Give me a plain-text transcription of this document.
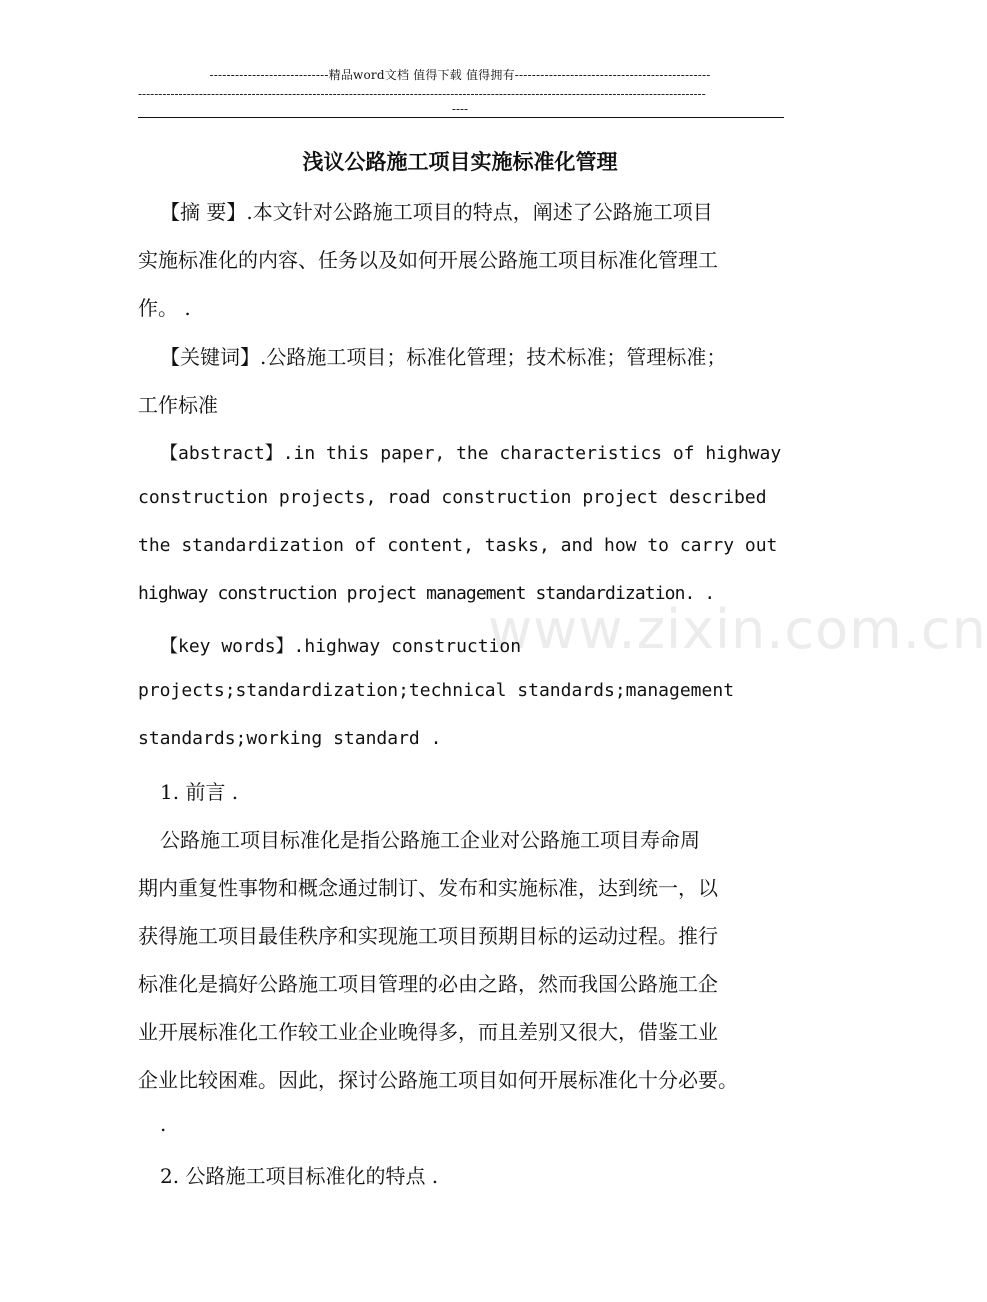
----------------------------精品word文档 值得下载 值得拥有----------------------------------------------
--------------------------------------------------------------------------------------------------------------------------------------------
----
www.zixin.com.cn
浅议公路施工项目实施标准化管理
【摘 要】.本文针对公路施工项目的特点，阐述了公路施工项目
实施标准化的内容、任务以及如何开展公路施工项目标准化管理工
作。 .
【关键词】.公路施工项目；标准化管理；技术标准；管理标准；
工作标准
【abstract】.in this paper, the characteristics of highway
construction projects, road construction project described
the standardization of content, tasks, and how to carry out
highway construction project management standardization. .
【key words】.highway construction
projects;standardization;technical standards;management
standards;working standard .
1. 前言 .
公路施工项目标准化是指公路施工企业对公路施工项目寿命周
期内重复性事物和概念通过制订、发布和实施标准，达到统一，以
获得施工项目最佳秩序和实现施工项目预期目标的运动过程。推行
标准化是搞好公路施工项目管理的必由之路，然而我国公路施工企
业开展标准化工作较工业企业晚得多，而且差别又很大，借鉴工业
企业比较困难。因此，探讨公路施工项目如何开展标准化十分必要。
.
2. 公路施工项目标准化的特点 .
